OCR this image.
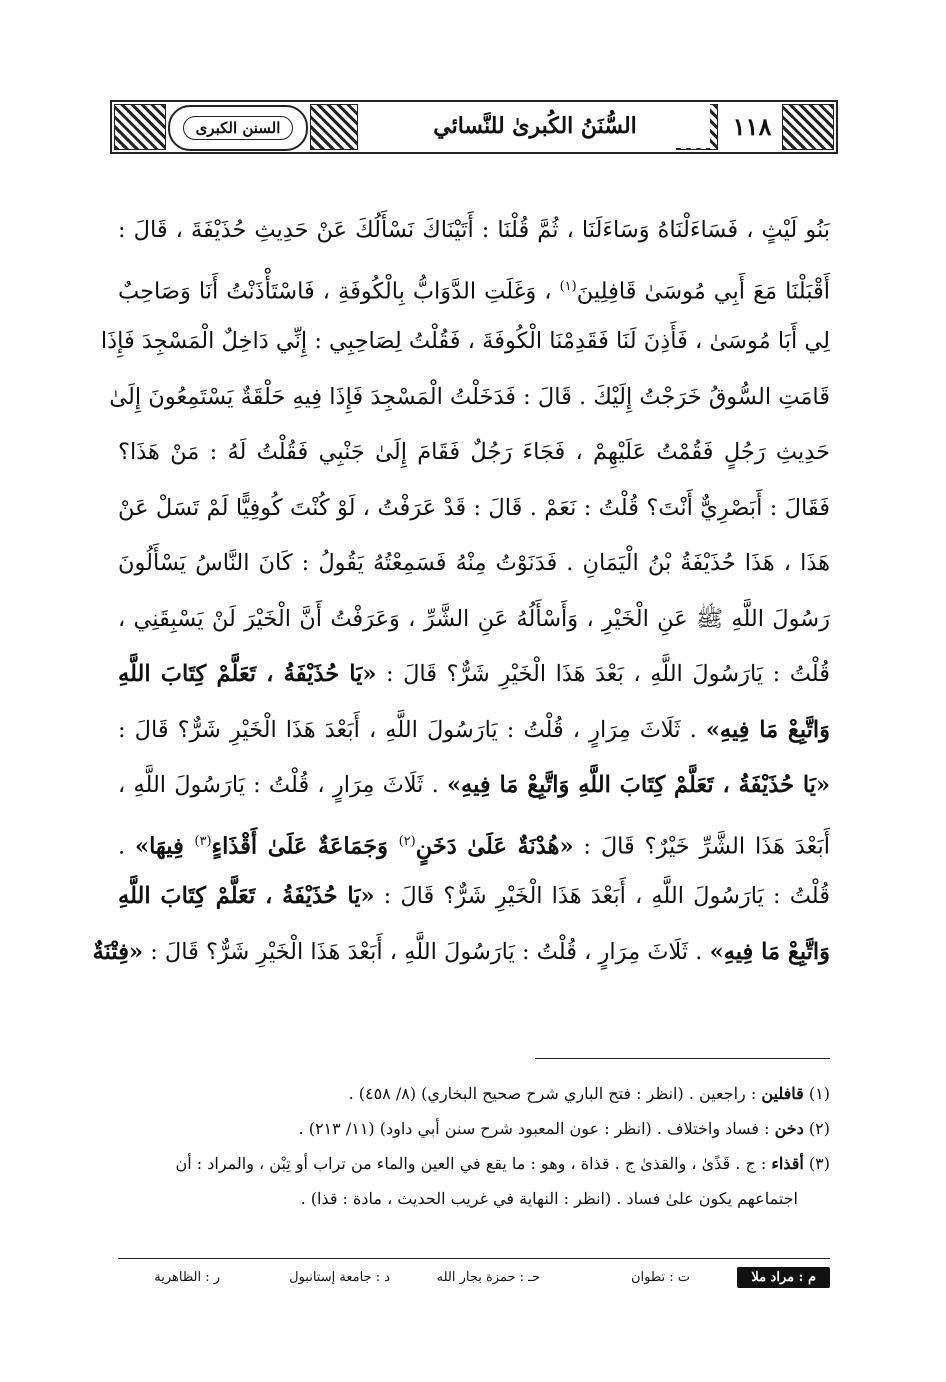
السنن الكبرى	السُّنَنُ الكُبرىٰ للنَّسائي	١١٨
بَنُو لَيْثٍ ، فَسَاءَلْنَاهُ وَسَاءَلَنَا ، ثُمَّ قُلْنَا : أَتَيْنَاكَ نَسْأَلُكَ عَنْ حَدِيثِ حُذَيْفَةَ ، قَالَ :
أَقْبَلْنَا مَعَ أَبِي مُوسَىٰ قَافِلِينَ$^{(١)}$ ، وَغَلَتِ الدَّوَابُّ بِالْكُوفَةِ ، فَاسْتَأْذَنْتُ أَنَا وَصَاحِبٌ
لِي أَبَا مُوسَىٰ ، فَأَذِنَ لَنَا فَقَدِمْنَا الْكُوفَةَ ، فَقُلْتُ لِصَاحِبِي : إِنِّي دَاخِلٌ الْمَسْجِدَ فَإِذَا
قَامَتِ السُّوقُ خَرَجْتُ إِلَيْكَ . قَالَ : فَدَخَلْتُ الْمَسْجِدَ فَإِذَا فِيهِ حَلْقَةٌ يَسْتَمِعُونَ إِلَىٰ
حَدِيثِ رَجُلٍ فَقُمْتُ عَلَيْهِمْ ، فَجَاءَ رَجُلٌ فَقَامَ إِلَىٰ جَنْبِي فَقُلْتُ لَهُ : مَنْ هَذَا؟
فَقَالَ : أَبَصْرِيٌّ أَنْتَ؟ قُلْتُ : نَعَمْ . قَالَ : قَدْ عَرَفْتُ ، لَوْ كُنْتَ كُوفِيًّا لَمْ تَسَلْ عَنْ
هَذَا ، هَذَا حُذَيْفَةُ بْنُ الْيَمَانِ . فَدَنَوْتُ مِنْهُ فَسَمِعْتُهُ يَقُولُ : كَانَ النَّاسُ يَسْأَلُونَ
رَسُولَ اللَّهِ ﷺ عَنِ الْخَيْرِ ، وَأَسْأَلُهُ عَنِ الشَّرِّ ، وَعَرَفْتُ أَنَّ الْخَيْرَ لَنْ يَسْبِقَنِي ،
قُلْتُ : يَارَسُولَ اللَّهِ ، بَعْدَ هَذَا الْخَيْرِ شَرٌّ؟ قَالَ : «يَا حُذَيْفَةُ ، تَعَلَّمْ كِتَابَ اللَّهِ
وَاتَّبِعْ مَا فِيهِ» . ثَلَاثَ مِرَارٍ ، قُلْتُ : يَارَسُولَ اللَّهِ ، أَبَعْدَ هَذَا الْخَيْرِ شَرٌّ؟ قَالَ :
«يَا حُذَيْفَةُ ، تَعَلَّمْ كِتَابَ اللَّهِ وَاتَّبِعْ مَا فِيهِ» . ثَلَاثَ مِرَارٍ ، قُلْتُ : يَارَسُولَ اللَّهِ ،
أَبَعْدَ هَذَا الشَّرِّ خَيْرٌ؟ قَالَ : «هُدْنَةٌ عَلَىٰ دَخَنٍ$^{(٢)}$ وَجَمَاعَةٌ عَلَىٰ أَقْذَاءٍ$^{(٣)}$ فِيهَا» .
قُلْتُ : يَارَسُولَ اللَّهِ ، أَبَعْدَ هَذَا الْخَيْرِ شَرٌّ؟ قَالَ : «يَا حُذَيْفَةُ ، تَعَلَّمْ كِتَابَ اللَّهِ
وَاتَّبِعْ مَا فِيهِ» . ثَلَاثَ مِرَارٍ ، قُلْتُ : يَارَسُولَ اللَّهِ ، أَبَعْدَ هَذَا الْخَيْرِ شَرٌّ؟ قَالَ : «فِتْنَةٌ
(١) قافلين : راجعين . (انظر : فتح الباري شرح صحيح البخاري) (٨/ ٤٥٨) .
(٢) دخن : فساد واختلاف . (انظر : عون المعبود شرح سنن أبي داود) (١١/ ٢١٣) .
(٣) أقذاء : ج . قَذًىٰ ، والقذىٰ ج . قذاة ، وهو : ما يقع في العين والماء من تراب أو تِبْن ، والمراد : أن
اجتماعهم يكون علىٰ فساد . (انظر : النهاية في غريب الحديث ، مادة : قذا) .
م : مراد ملا
ت : تطوان
حـ : حمزة بجار الله
د : جامعة إستانبول
ر : الظاهرية
